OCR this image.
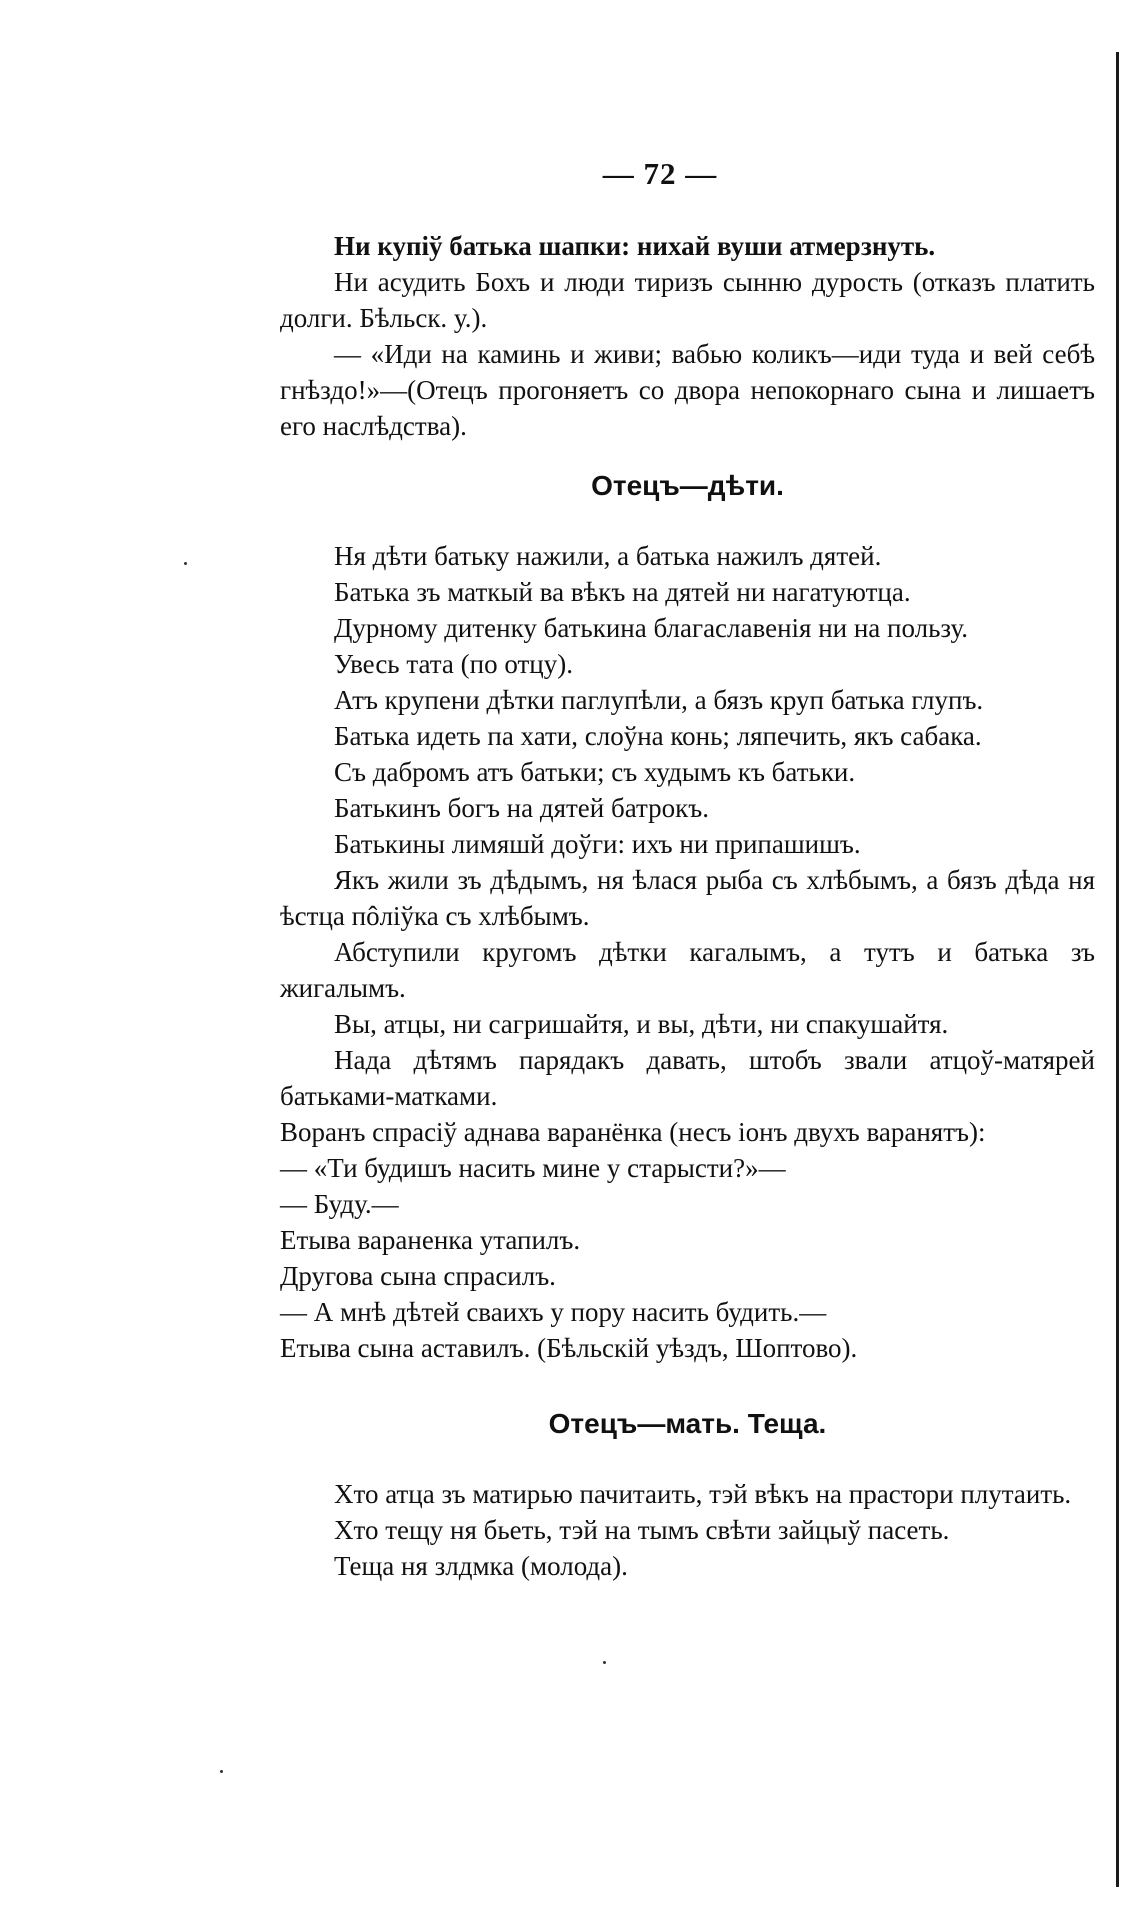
— 72 —

Ни купіў батька шапки: нихай вуши атмерзнуть.

Ни асудить Бохъ и люди тиризъ сынню дурость (отказъ платить долги. Бѣльск. у.).

— «Иди на каминь и живи; вабью коликъ—иди туда и вей себѣ гнѣздо!»—(Отецъ прогоняетъ со двора непокорнаго сына и лишаетъ его наслѣдства).

Отецъ—дѣти.

Ня дѣти батьку нажили, а батька нажилъ дятей.

Батька зъ маткый ва вѣкъ на дятей ни нагатуютца.

Дурному дитенку батькина благаславенія ни на пользу.

Увесь тата (по отцу).

Атъ крупени дѣтки паглупѣли, а бязъ круп батька глупъ.

Батька идеть па хати, слоўна конь; ляпечить, якъ сабака.

Съ дабромъ атъ батьки; съ худымъ къ батьки.

Батькинъ богъ на дятей батрокъ.

Батькины лимяшй доўги: ихъ ни припашишъ.

Якъ жили зъ дѣдымъ, ня ѣлася рыба съ хлѣбымъ, а бязъ дѣда ня ѣстца пôліўка съ хлѣбымъ.

Абступили кругомъ дѣтки кагалымъ, а тутъ и батька зъ жигалымъ.

Вы, атцы, ни сагришайтя, и вы, дѣти, ни спакушайтя.

Нада дѣтямъ парядакъ давать, штобъ звали атцоў-матярей батьками-матками.

Воранъ спрасіў аднава варанёнка (несъ іонъ двухъ варанятъ):

— «Ти будишъ насить мине у старысти?»—

— Буду.—

Етыва вараненка утапилъ.

Другова сына спрасилъ.

— А мнѣ дѣтей сваихъ у пору насить будить.—

Етыва сына аставилъ. (Бѣльскій уѣздъ, Шоптово).

Отецъ—мать. Теща.

Хто атца зъ матирью пачитаить, тэй вѣкъ на прастори плутаить.

Хто тещу ня бьеть, тэй на тымъ свѣти зайцыў пасеть.

Теща ня злдмка (молода).
